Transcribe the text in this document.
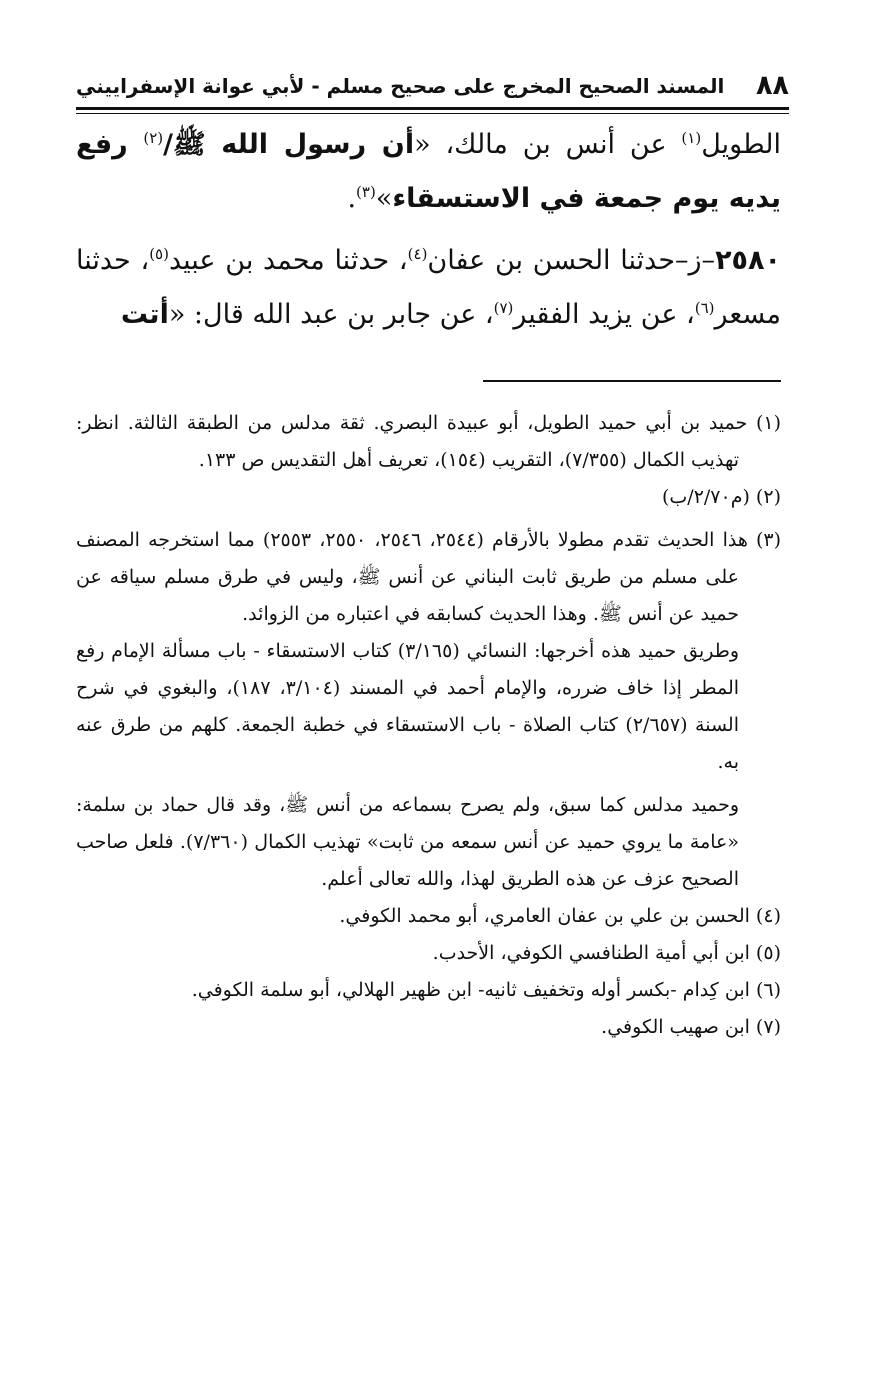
٨٨
المسند الصحيح المخرج على صحيح مسلم - لأبي عوانة الإسفراييني

الطويل$^{(١)}$ عن أنس بن مالك، «أن رسول الله ﷺ/$^{(٢)}$ رفع يديه يوم جمعة في الاستسقاء»$^{(٣)}$.

٢٥٨٠–ز–حدثنا الحسن بن عفان$^{(٤)}$، حدثنا محمد بن عبيد$^{(٥)}$، حدثنا مسعر$^{(٦)}$، عن يزيد الفقير$^{(٧)}$، عن جابر بن عبد الله قال: «أتت

(١) حميد بن أبي حميد الطويل، أبو عبيدة البصري. ثقة مدلس من الطبقة الثالثة. انظر: تهذيب الكمال (٧/٣٥٥)، التقريب (١٥٤)، تعريف أهل التقديس ص ١٣٣.

(٢) (م٢/٧٠/ب)

(٣) هذا الحديث تقدم مطولا بالأرقام (٢٥٤٤، ٢٥٤٦، ٢٥٥٠، ٢٥٥٣) مما استخرجه المصنف على مسلم من طريق ثابت البناني عن أنس ﷺ، وليس في طرق مسلم سياقه عن حميد عن أنس ﷺ. وهذا الحديث كسابقه في اعتباره من الزوائد.

وطريق حميد هذه أخرجها: النسائي (٣/١٦٥) كتاب الاستسقاء - باب مسألة الإمام رفع المطر إذا خاف ضرره، والإمام أحمد في المسند (٣/١٠٤، ١٨٧)، والبغوي في شرح السنة (٢/٦٥٧) كتاب الصلاة - باب الاستسقاء في خطبة الجمعة. كلهم من طرق عنه به.

وحميد مدلس كما سبق، ولم يصرح بسماعه من أنس ﷺ، وقد قال حماد بن سلمة: «عامة ما يروي حميد عن أنس سمعه من ثابت» تهذيب الكمال (٧/٣٦٠). فلعل صاحب الصحيح عزف عن هذه الطريق لهذا، والله تعالى أعلم.

(٤) الحسن بن علي بن عفان العامري، أبو محمد الكوفي.

(٥) ابن أبي أمية الطنافسي الكوفي، الأحدب.

(٦) ابن كِدام -بكسر أوله وتخفيف ثانيه- ابن ظهير الهلالي، أبو سلمة الكوفي.

(٧) ابن صهيب الكوفي.
